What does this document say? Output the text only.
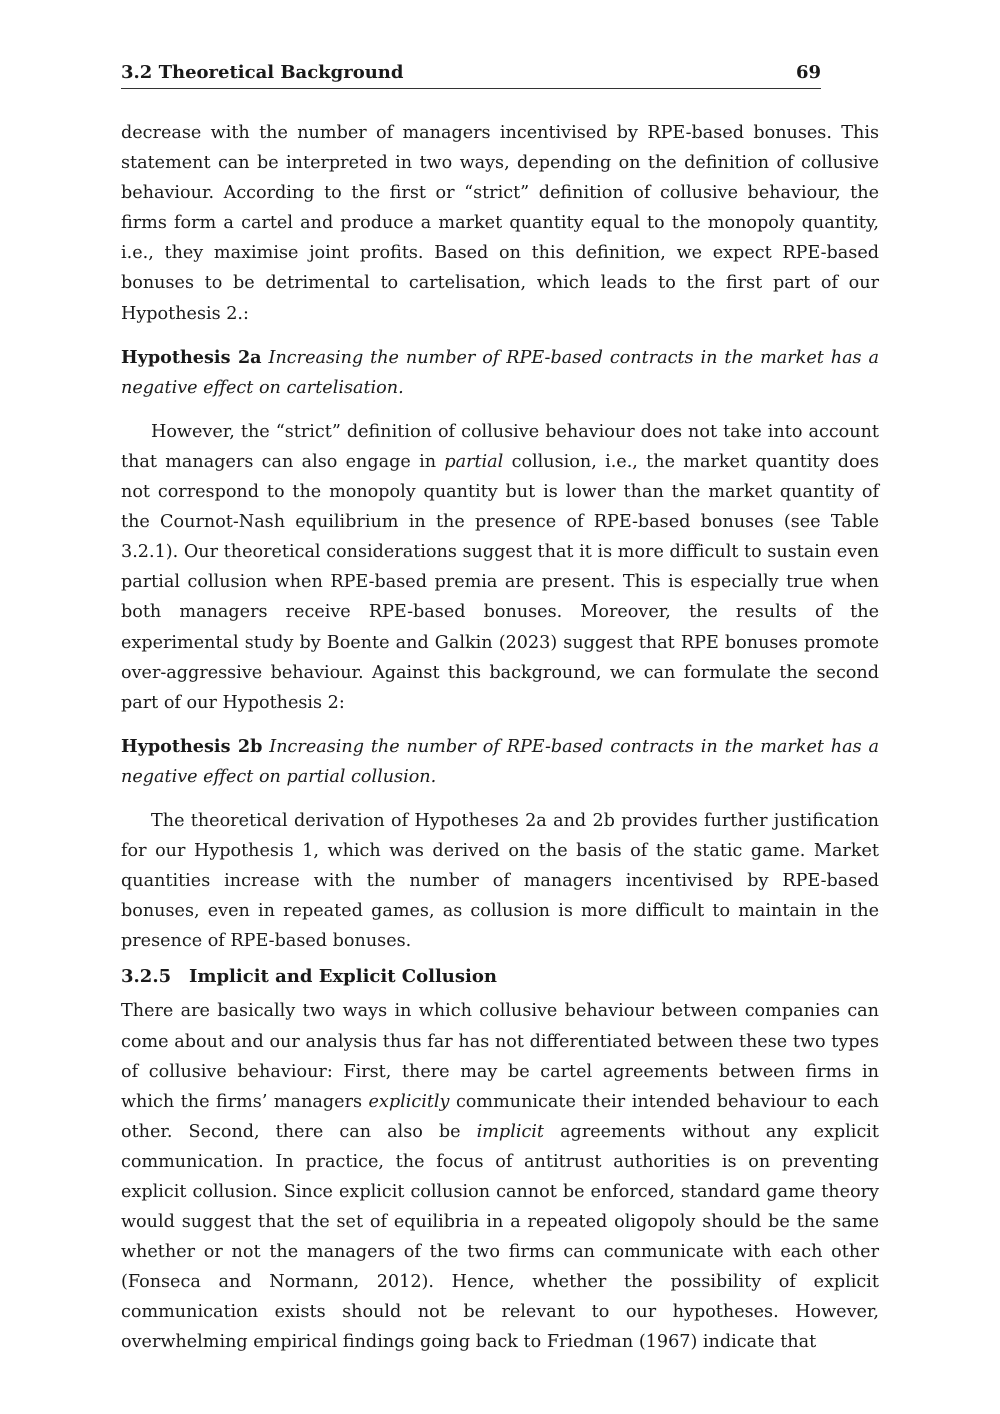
3.2 Theoretical Background	69

decrease with the number of managers incentivised by RPE-based bonuses. This statement can be interpreted in two ways, depending on the definition of collusive behaviour. According to the first or “strict” definition of collusive behaviour, the firms form a cartel and produce a market quantity equal to the monopoly quantity, i.e., they maximise joint profits. Based on this definition, we expect RPE-based bonuses to be detrimental to cartelisation, which leads to the first part of our Hypothesis 2.:

Hypothesis 2a Increasing the number of RPE-based contracts in the market has a negative effect on cartelisation.

However, the “strict” definition of collusive behaviour does not take into account that managers can also engage in partial collusion, i.e., the market quantity does not correspond to the monopoly quantity but is lower than the market quantity of the Cournot-Nash equilibrium in the presence of RPE-based bonuses (see Table 3.2.1). Our theoretical considerations suggest that it is more difficult to sustain even partial collusion when RPE-based premia are present. This is especially true when both managers receive RPE-based bonuses. Moreover, the results of the experimental study by Boente and Galkin (2023) suggest that RPE bonuses promote over-aggressive behaviour. Against this background, we can formulate the second part of our Hypothesis 2:

Hypothesis 2b Increasing the number of RPE-based contracts in the market has a negative effect on partial collusion.

The theoretical derivation of Hypotheses 2a and 2b provides further justification for our Hypothesis 1, which was derived on the basis of the static game. Market quantities increase with the number of managers incentivised by RPE-based bonuses, even in repeated games, as collusion is more difficult to maintain in the presence of RPE-based bonuses.

3.2.5 Implicit and Explicit Collusion

There are basically two ways in which collusive behaviour between companies can come about and our analysis thus far has not differentiated between these two types of collusive behaviour: First, there may be cartel agreements between firms in which the firms’ managers explicitly communicate their intended behaviour to each other. Second, there can also be implicit agreements without any explicit communication. In practice, the focus of antitrust authorities is on preventing explicit collusion. Since explicit collusion cannot be enforced, standard game theory would suggest that the set of equilibria in a repeated oligopoly should be the same whether or not the managers of the two firms can communicate with each other (Fonseca and Normann, 2012). Hence, whether the possibility of explicit communication exists should not be relevant to our hypotheses. However, overwhelming empirical findings going back to Friedman (1967) indicate that
